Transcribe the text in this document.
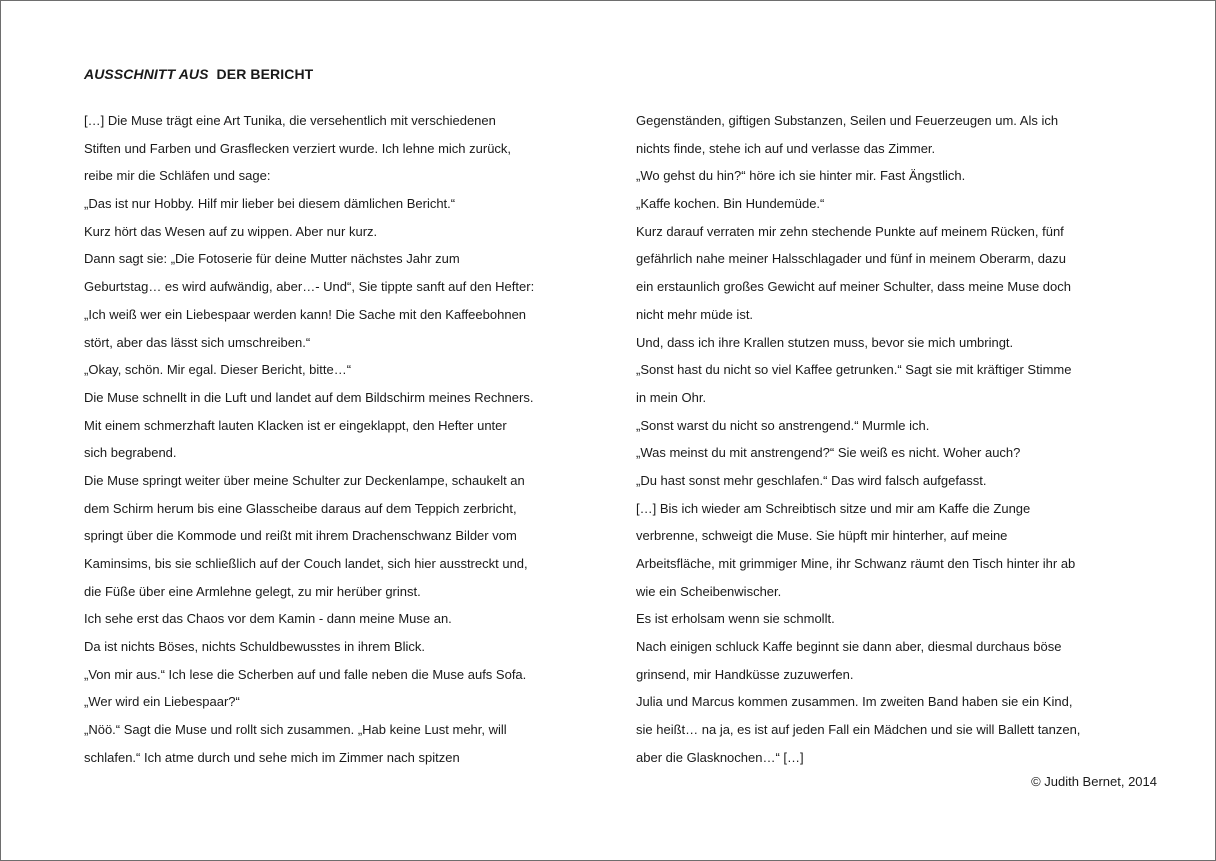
AUSSCHNITT AUS DER BERICHT
[…] Die Muse trägt eine Art Tunika, die versehentlich mit verschiedenen
Stiften und Farben und Grasflecken verziert wurde. Ich lehne mich zurück,
reibe mir die Schläfen und sage:
„Das ist nur Hobby. Hilf mir lieber bei diesem dämlichen Bericht.“
Kurz hört das Wesen auf zu wippen. Aber nur kurz.
Dann sagt sie: „Die Fotoserie für deine Mutter nächstes Jahr zum
Geburtstag… es wird aufwändig, aber…- Und“, Sie tippte sanft auf den Hefter:
„Ich weiß wer ein Liebespaar werden kann! Die Sache mit den Kaffeebohnen
stört, aber das lässt sich umschreiben.“
„Okay, schön. Mir egal. Dieser Bericht, bitte…“
Die Muse schnellt in die Luft und landet auf dem Bildschirm meines Rechners.
Mit einem schmerzhaft lauten Klacken ist er eingeklappt, den Hefter unter
sich begrabend.
Die Muse springt weiter über meine Schulter zur Deckenlampe, schaukelt an
dem Schirm herum bis eine Glasscheibe daraus auf dem Teppich zerbricht,
springt über die Kommode und reißt mit ihrem Drachenschwanz Bilder vom
Kaminsims, bis sie schließlich auf der Couch landet, sich hier ausstreckt und,
die Füße über eine Armlehne gelegt, zu mir herüber grinst.
Ich sehe erst das Chaos vor dem Kamin - dann meine Muse an.
Da ist nichts Böses, nichts Schuldbewusstes in ihrem Blick.
„Von mir aus.“ Ich lese die Scherben auf und falle neben die Muse aufs Sofa.
„Wer wird ein Liebespaar?“
„Nöö.“ Sagt die Muse und rollt sich zusammen. „Hab keine Lust mehr, will
schlafen.“ Ich atme durch und sehe mich im Zimmer nach spitzen
Gegenständen, giftigen Substanzen, Seilen und Feuerzeugen um. Als ich
nichts finde, stehe ich auf und verlasse das Zimmer.
„Wo gehst du hin?“ höre ich sie hinter mir. Fast Ängstlich.
„Kaffe kochen. Bin Hundemüde.“
Kurz darauf verraten mir zehn stechende Punkte auf meinem Rücken, fünf
gefährlich nahe meiner Halsschlagader und fünf in meinem Oberarm, dazu
ein erstaunlich großes Gewicht auf meiner Schulter, dass meine Muse doch
nicht mehr müde ist.
Und, dass ich ihre Krallen stutzen muss, bevor sie mich umbringt.
„Sonst hast du nicht so viel Kaffee getrunken.“ Sagt sie mit kräftiger Stimme
in mein Ohr.
„Sonst warst du nicht so anstrengend.“ Murmle ich.
„Was meinst du mit anstrengend?“ Sie weiß es nicht. Woher auch?
„Du hast sonst mehr geschlafen.“ Das wird falsch aufgefasst.
[…] Bis ich wieder am Schreibtisch sitze und mir am Kaffe die Zunge
verbrenne, schweigt die Muse. Sie hüpft mir hinterher, auf meine
Arbeitsfläche, mit grimmiger Mine, ihr Schwanz räumt den Tisch hinter ihr ab
wie ein Scheibenwischer.
Es ist erholsam wenn sie schmollt.
Nach einigen schluck Kaffe beginnt sie dann aber, diesmal durchaus böse
grinsend, mir Handküsse zuzuwerfen.
Julia und Marcus kommen zusammen. Im zweiten Band haben sie ein Kind,
sie heißt… na ja, es ist auf jeden Fall ein Mädchen und sie will Ballett tanzen,
aber die Glasknochen…“ […]
© Judith Bernet, 2014
